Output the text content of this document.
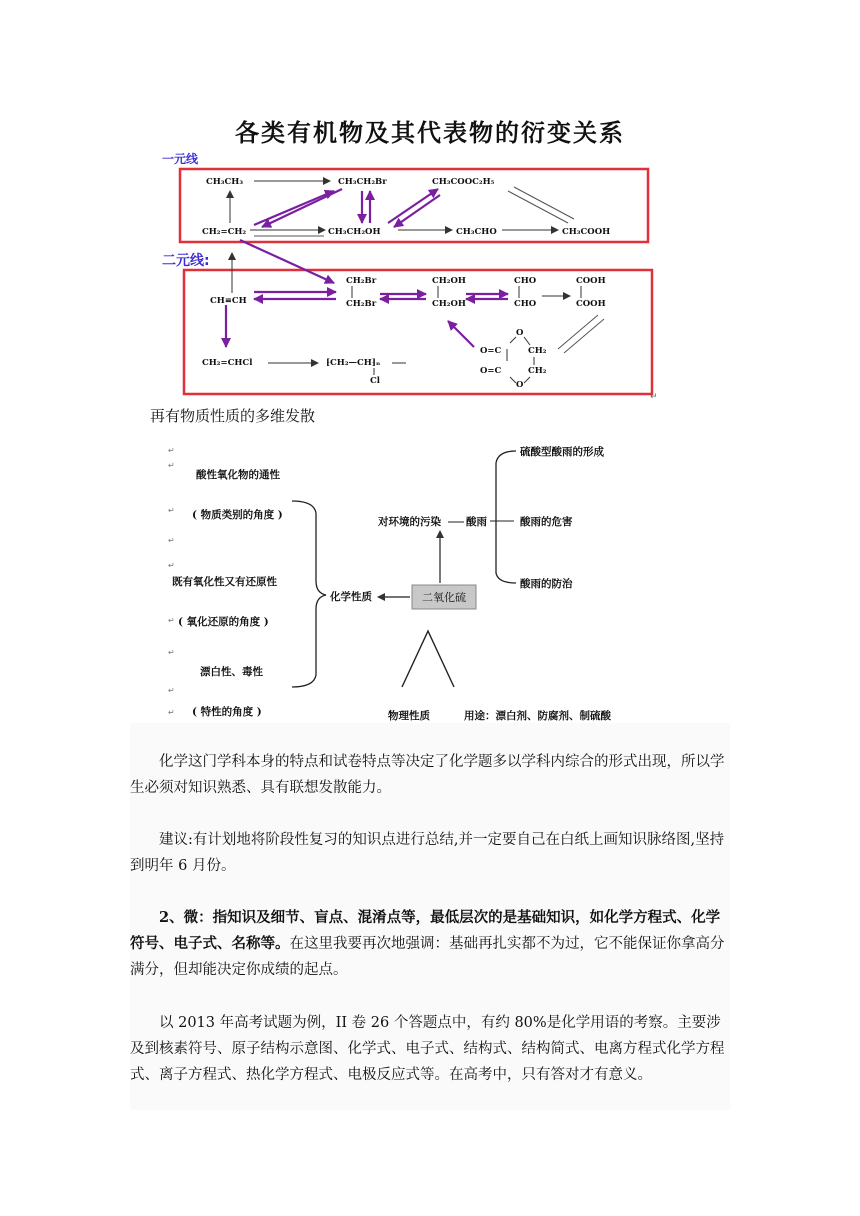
各类有机物及其代表物的衍变关系
一元线
二元线:
CH₃CH₃	CH₃CH₂Br	CH₃COOC₂H₅
CH₂=CH₂	CH₃CH₂OH	CH₃CHO	CH₃COOH
CH≡CH
CH₂Br
CH₂Br
CH₂OH
CH₂OH
CHO
CHO
COOH
COOH
CH₂=CHCl	⁅CH₂—CH⁆ₙ
Cl
O
O
O=C
O=C
CH₂
CH₂
↵
再有物质性质的多维发散
酸性氧化物的通性
( 物质类别的角度 )
既有氧化性又有还原性
( 氧化还原的角度 )
漂白性、毒性
( 特性的角度 )
↵
↵
↵
↵
↵
↵
↵
↵
↵
化学性质	二氧化硫
对环境的污染 酸雨
硫酸型酸雨的形成
酸雨的危害
酸雨的防治
物理性质	用途：漂白剂、防腐剂、制硫酸

化学这门学科本身的特点和试卷特点等决定了化学题多以学科内综合的形式出现，所以学生必须对知识熟悉、具有联想发散能力。

建议:有计划地将阶段性复习的知识点进行总结,并一定要自己在白纸上画知识脉络图,坚持到明年 6 月份。

2、微：指知识及细节、盲点、混淆点等，最低层次的是基础知识，如化学方程式、化学符号、电子式、名称等。在这里我要再次地强调：基础再扎实都不为过，它不能保证你拿高分满分，但却能决定你成绩的起点。

以 2013 年高考试题为例，II 卷 26 个答题点中，有约 80%是化学用语的考察。主要涉及到核素符号、原子结构示意图、化学式、电子式、结构式、结构简式、电离方程式化学方程式、离子方程式、热化学方程式、电极反应式等。在高考中，只有答对才有意义。
